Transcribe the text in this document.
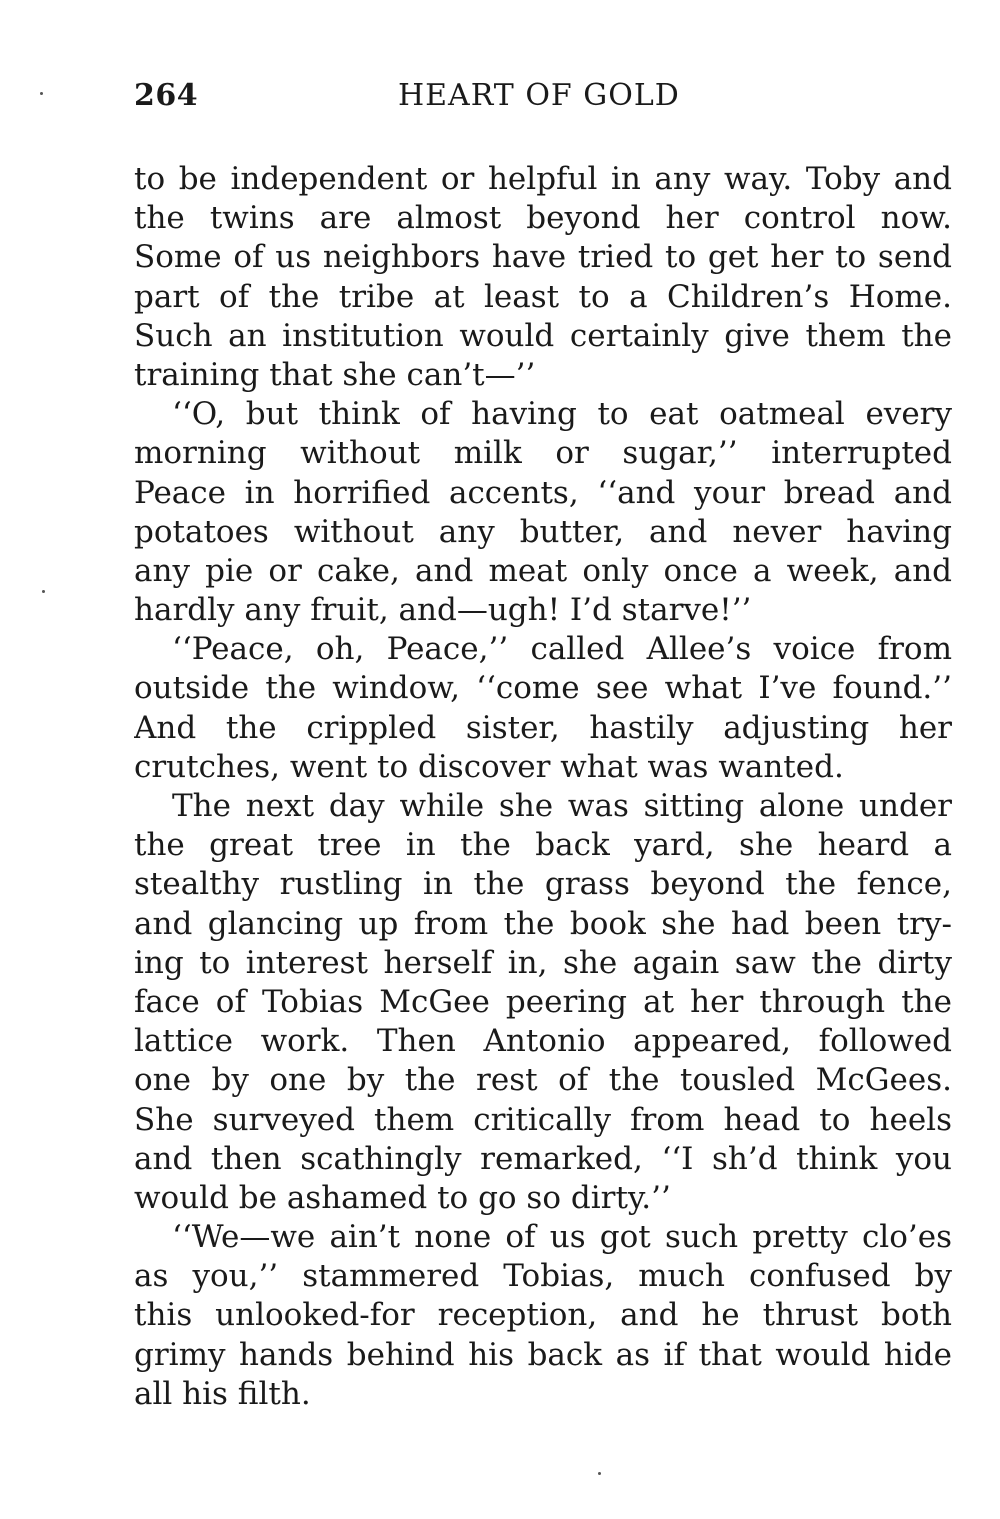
264	HEART OF GOLD
to be independent or helpful in any way. Toby and
the twins are almost beyond her control now.
Some of us neighbors have tried to get her to send
part of the tribe at least to a Children’s Home.
Such an institution would certainly give them the
training that she can’t—’’
‘‘O, but think of having to eat oatmeal every
morning without milk or sugar,’’ interrupted
Peace in horrified accents, ‘‘and your bread and
potatoes without any butter, and never having
any pie or cake, and meat only once a week, and
hardly any fruit, and—ugh! I’d starve!’’
‘‘Peace, oh, Peace,’’ called Allee’s voice from
outside the window, ‘‘come see what I’ve found.’’
And the crippled sister, hastily adjusting her
crutches, went to discover what was wanted.
The next day while she was sitting alone under
the great tree in the back yard, she heard a
stealthy rustling in the grass beyond the fence,
and glancing up from the book she had been try-
ing to interest herself in, she again saw the dirty
face of Tobias McGee peering at her through the
lattice work. Then Antonio appeared, followed
one by one by the rest of the tousled McGees.
She surveyed them critically from head to heels
and then scathingly remarked, ‘‘I sh’d think you
would be ashamed to go so dirty.’’
‘‘We—we ain’t none of us got such pretty clo’es
as you,’’ stammered Tobias, much confused by
this unlooked-for reception, and he thrust both
grimy hands behind his back as if that would hide
all his filth.
